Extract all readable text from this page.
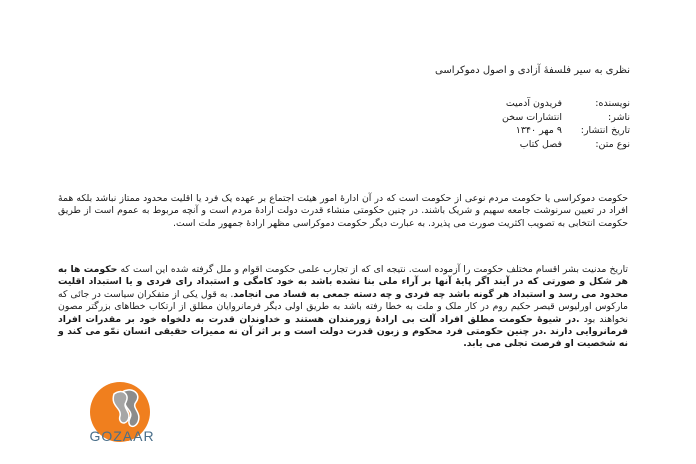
نظری به سیر فلسفهٔ آزادی و اصول دموکراسی
نویسنده:
فریدون آدمیت
ناشر:
انتشارات سخن
تاریخ انتشار:
۹ مهر ۱۳۴۰
نوع متن:
فصل کتاب

حکومت دموکراسی یا حکومت مردم نوعی از حکومت است که در آن ادارهٔ امور هیئت اجتماع بر عهده یک فرد یا اقلیت محدود ممتاز نباشد بلکه همهٔ افراد در تعیین سرنوشت جامعه سهیم و شریک باشند. در چنین حکومتی منشاء قدرت دولت ارادهٔ مردم است و آنچه مربوط به عموم است از طریق حکومت انتخابی به تصویب اکثریت صورت می پذیرد. به عبارت دیگر حکومت دموکراسی مظهر ارادهٔ جمهور ملت است.

تاریخ مدنیت بشر اقسام مختلف حکومت را آزموده است. نتیجه ای که از تجارب علمی حکومت اقوام و ملل گرفته شده این است که حکومت ها به هر شکل و صورتی که در آیند اگر پایهٔ آنها بر آراء ملی بنا نشده باشد به خود کامگی و استبداد رای فردی و یا استبداد اقلیت محدود می رسد و استبداد هر گونه باشد چه فردی و چه دسته جمعی به فساد می انجامد. به قول یکی از متفکران سیاست در جائی که مارکوس اورلیوس قیصر حکیم روم در کار ملک و ملت به خطا رفته باشد به طریق اولی دیگر فرمانروایان مطلق از ارتکاب خطاهای بزرگتر مصون نخواهند بود .در شیوهٔ حکومت مطلق افراد آلت بی ارادهٔ زورمندان هستند و خداوندان قدرت به دلخواه خود بر مقدرات افراد فرمانروایی دارند .در چنین حکومتی فرد محکوم و زبون قدرت دولت است و بر اثر آن نه ممیزات حقیقی انسان نمّو می کند و نه شخصیت او فرصت تجلی می یابد.

GOZAAR
